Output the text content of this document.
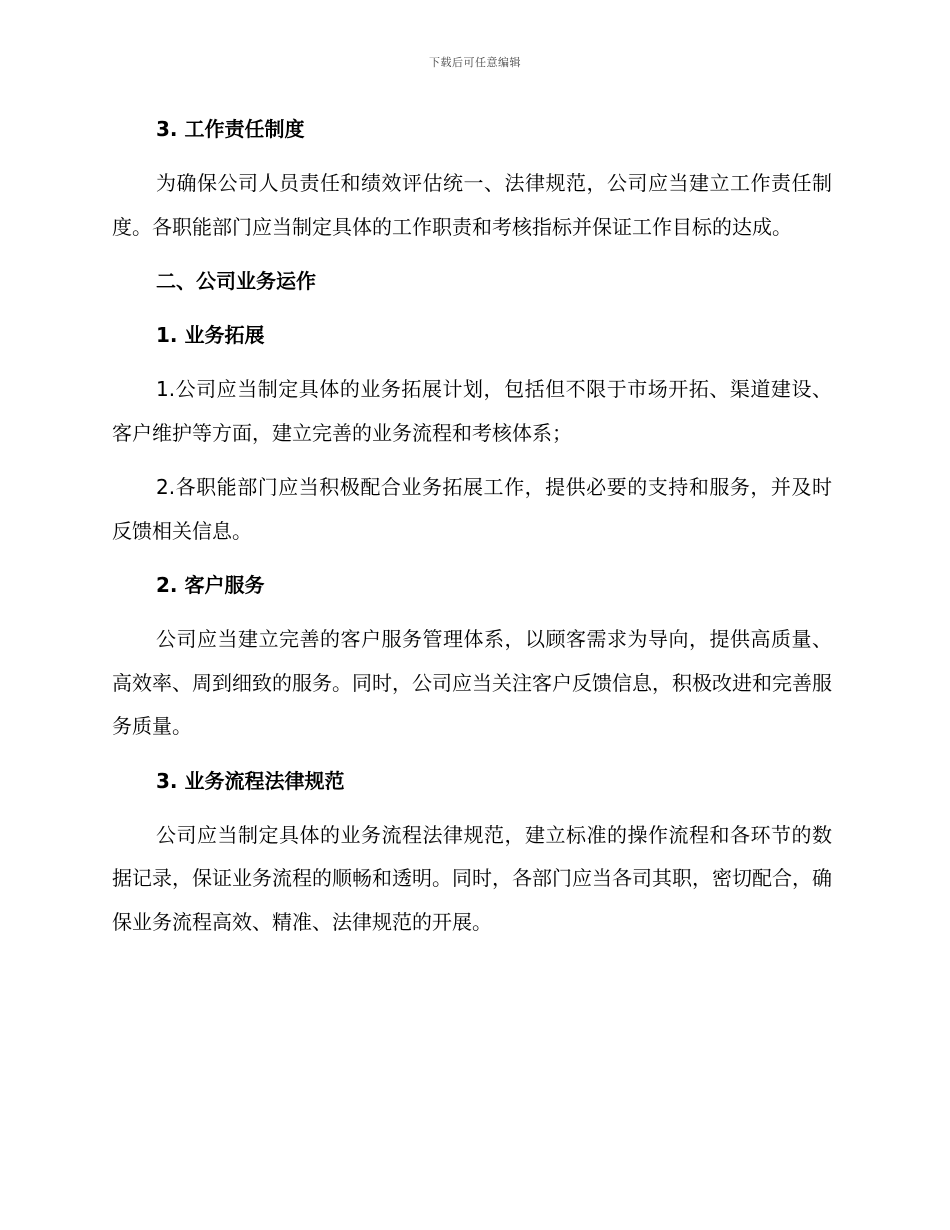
下载后可任意编辑
3. 工作责任制度
为确保公司人员责任和绩效评估统一、法律规范，公司应当建立工作责任制度。各职能部门应当制定具体的工作职责和考核指标并保证工作目标的达成。
二、公司业务运作
1. 业务拓展
1.公司应当制定具体的业务拓展计划，包括但不限于市场开拓、渠道建设、客户维护等方面，建立完善的业务流程和考核体系；
2.各职能部门应当积极配合业务拓展工作，提供必要的支持和服务，并及时反馈相关信息。
2. 客户服务
公司应当建立完善的客户服务管理体系，以顾客需求为导向，提供高质量、高效率、周到细致的服务。同时，公司应当关注客户反馈信息，积极改进和完善服务质量。
3. 业务流程法律规范
公司应当制定具体的业务流程法律规范，建立标准的操作流程和各环节的数据记录，保证业务流程的顺畅和透明。同时，各部门应当各司其职，密切配合，确保业务流程高效、精准、法律规范的开展。
